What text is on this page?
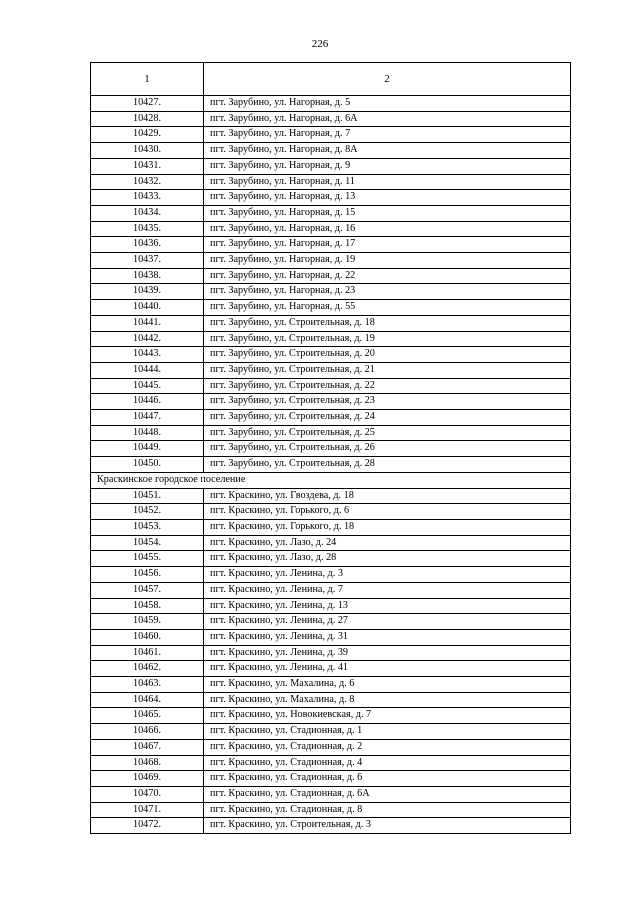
226
1	2
10427.	пгт. Зарубино, ул. Нагорная, д. 5
10428.	пгт. Зарубино, ул. Нагорная, д. 6А
10429.	пгт. Зарубино, ул. Нагорная, д. 7
10430.	пгт. Зарубино, ул. Нагорная, д. 8А
10431.	пгт. Зарубино, ул. Нагорная, д. 9
10432.	пгт. Зарубино, ул. Нагорная, д. 11
10433.	пгт. Зарубино, ул. Нагорная, д. 13
10434.	пгт. Зарубино, ул. Нагорная, д. 15
10435.	пгт. Зарубино, ул. Нагорная, д. 16
10436.	пгт. Зарубино, ул. Нагорная, д. 17
10437.	пгт. Зарубино, ул. Нагорная, д. 19
10438.	пгт. Зарубино, ул. Нагорная, д. 22
10439.	пгт. Зарубино, ул. Нагорная, д. 23
10440.	пгт. Зарубино, ул. Нагорная, д. 55
10441.	пгт. Зарубино, ул. Строительная, д. 18
10442.	пгт. Зарубино, ул. Строительная, д. 19
10443.	пгт. Зарубино, ул. Строительная, д. 20
10444.	пгт. Зарубино, ул. Строительная, д. 21
10445.	пгт. Зарубино, ул. Строительная, д. 22
10446.	пгт. Зарубино, ул. Строительная, д. 23
10447.	пгт. Зарубино, ул. Строительная, д. 24
10448.	пгт. Зарубино, ул. Строительная, д. 25
10449.	пгт. Зарубино, ул. Строительная, д. 26
10450.	пгт. Зарубино, ул. Строительная, д. 28
Краскинское городское поселение	
10451.	пгт. Краскино, ул. Гвоздева, д. 18
10452.	пгт. Краскино, ул. Горького, д. 6
10453.	пгт. Краскино, ул. Горького, д. 18
10454.	пгт. Краскино, ул. Лазо, д. 24
10455.	пгт. Краскино, ул. Лазо, д. 28
10456.	пгт. Краскино, ул. Ленина, д. 3
10457.	пгт. Краскино, ул. Ленина, д. 7
10458.	пгт. Краскино, ул. Ленина, д. 13
10459.	пгт. Краскино, ул. Ленина, д. 27
10460.	пгт. Краскино, ул. Ленина, д. 31
10461.	пгт. Краскино, ул. Ленина, д. 39
10462.	пгт. Краскино, ул. Ленина, д. 41
10463.	пгт. Краскино, ул. Махалина, д. 6
10464.	пгт. Краскино, ул. Махалина, д. 8
10465.	пгт. Краскино, ул. Новокиевская, д. 7
10466.	пгт. Краскино, ул. Стадионная, д. 1
10467.	пгт. Краскино, ул. Стадионная, д. 2
10468.	пгт. Краскино, ул. Стадионная, д. 4
10469.	пгт. Краскино, ул. Стадионная, д. 6
10470.	пгт. Краскино, ул. Стадионная, д. 6А
10471.	пгт. Краскино, ул. Стадионная, д. 8
10472.	пгт. Краскино, ул. Строительная, д. 3
